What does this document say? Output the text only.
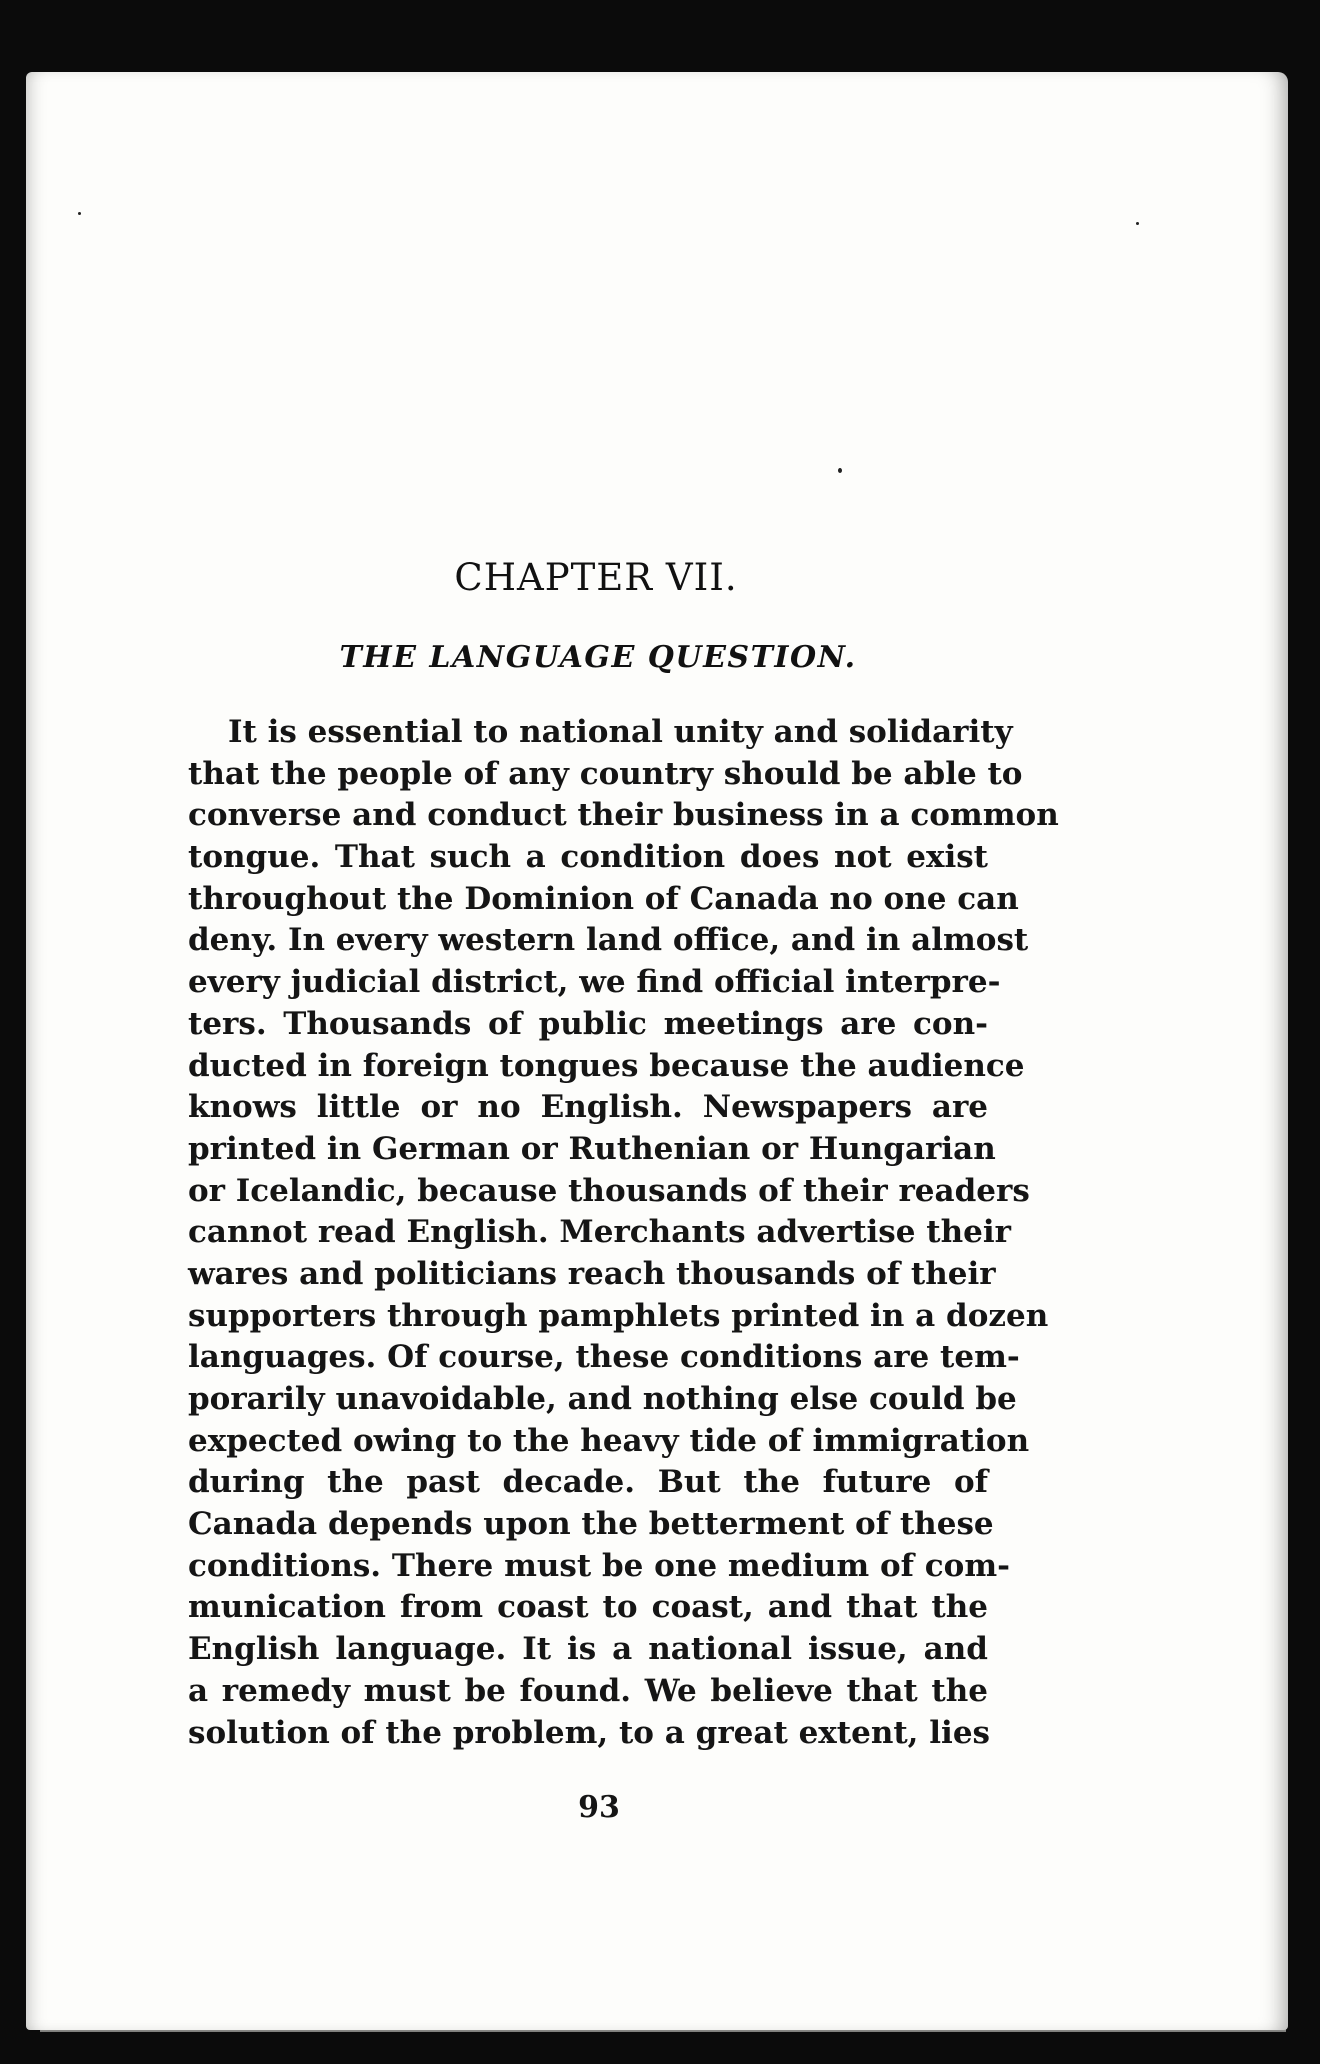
CHAPTER VII.
THE LANGUAGE QUESTION.
It is essential to national unity and solidarity
that the people of any country should be able to
converse and conduct their business in a common
tongue. That such a condition does not exist
throughout the Dominion of Canada no one can
deny. In every western land office, and in almost
every judicial district, we find official interpre-
ters. Thousands of public meetings are con-
ducted in foreign tongues because the audience
knows little or no English. Newspapers are
printed in German or Ruthenian or Hungarian
or Icelandic, because thousands of their readers
cannot read English. Merchants advertise their
wares and politicians reach thousands of their
supporters through pamphlets printed in a dozen
languages. Of course, these conditions are tem-
porarily unavoidable, and nothing else could be
expected owing to the heavy tide of immigration
during the past decade. But the future of
Canada depends upon the betterment of these
conditions. There must be one medium of com-
munication from coast to coast, and that the
English language. It is a national issue, and
a remedy must be found. We believe that the
solution of the problem, to a great extent, lies
93
